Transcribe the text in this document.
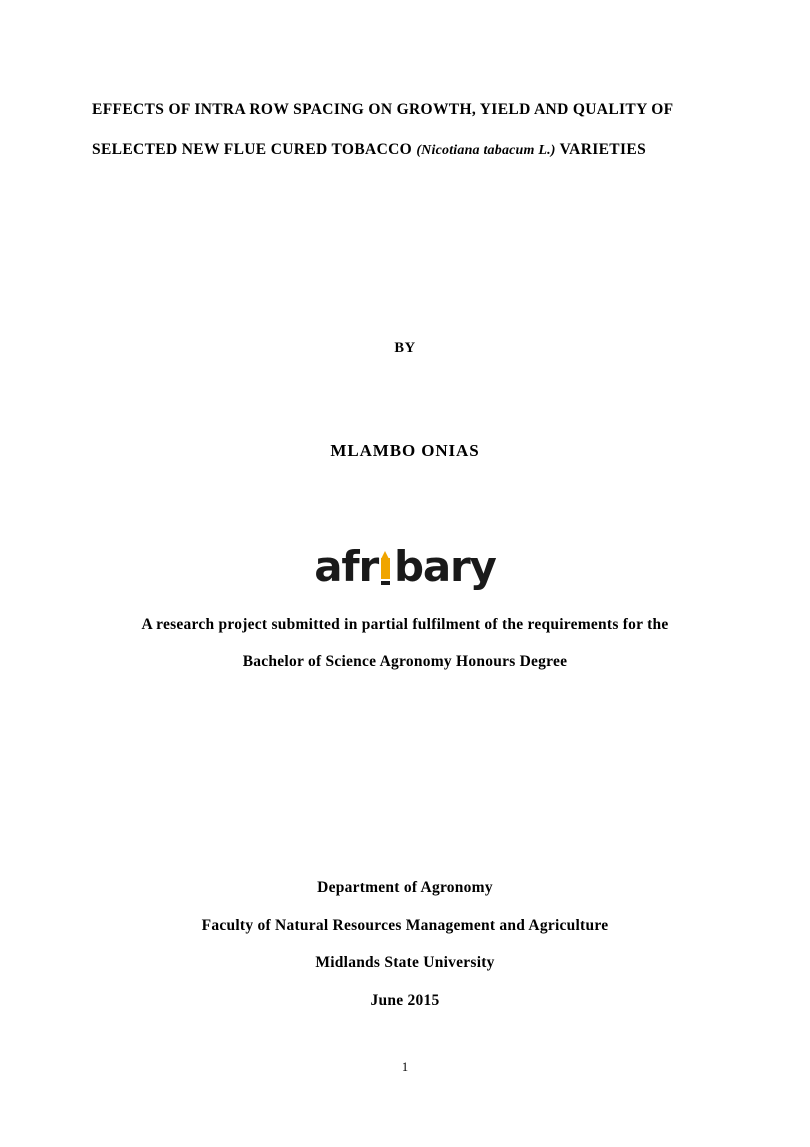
EFFECTS OF INTRA ROW SPACING ON GROWTH, YIELD AND QUALITY OF
SELECTED NEW FLUE CURED TOBACCO (Nicotiana tabacum L.) VARIETIES
BY
MLAMBO ONIAS
afr bary
A research project submitted in partial fulfilment of the requirements for the
Bachelor of Science Agronomy Honours Degree
Department of Agronomy
Faculty of Natural Resources Management and Agriculture
Midlands State University
June 2015
1
